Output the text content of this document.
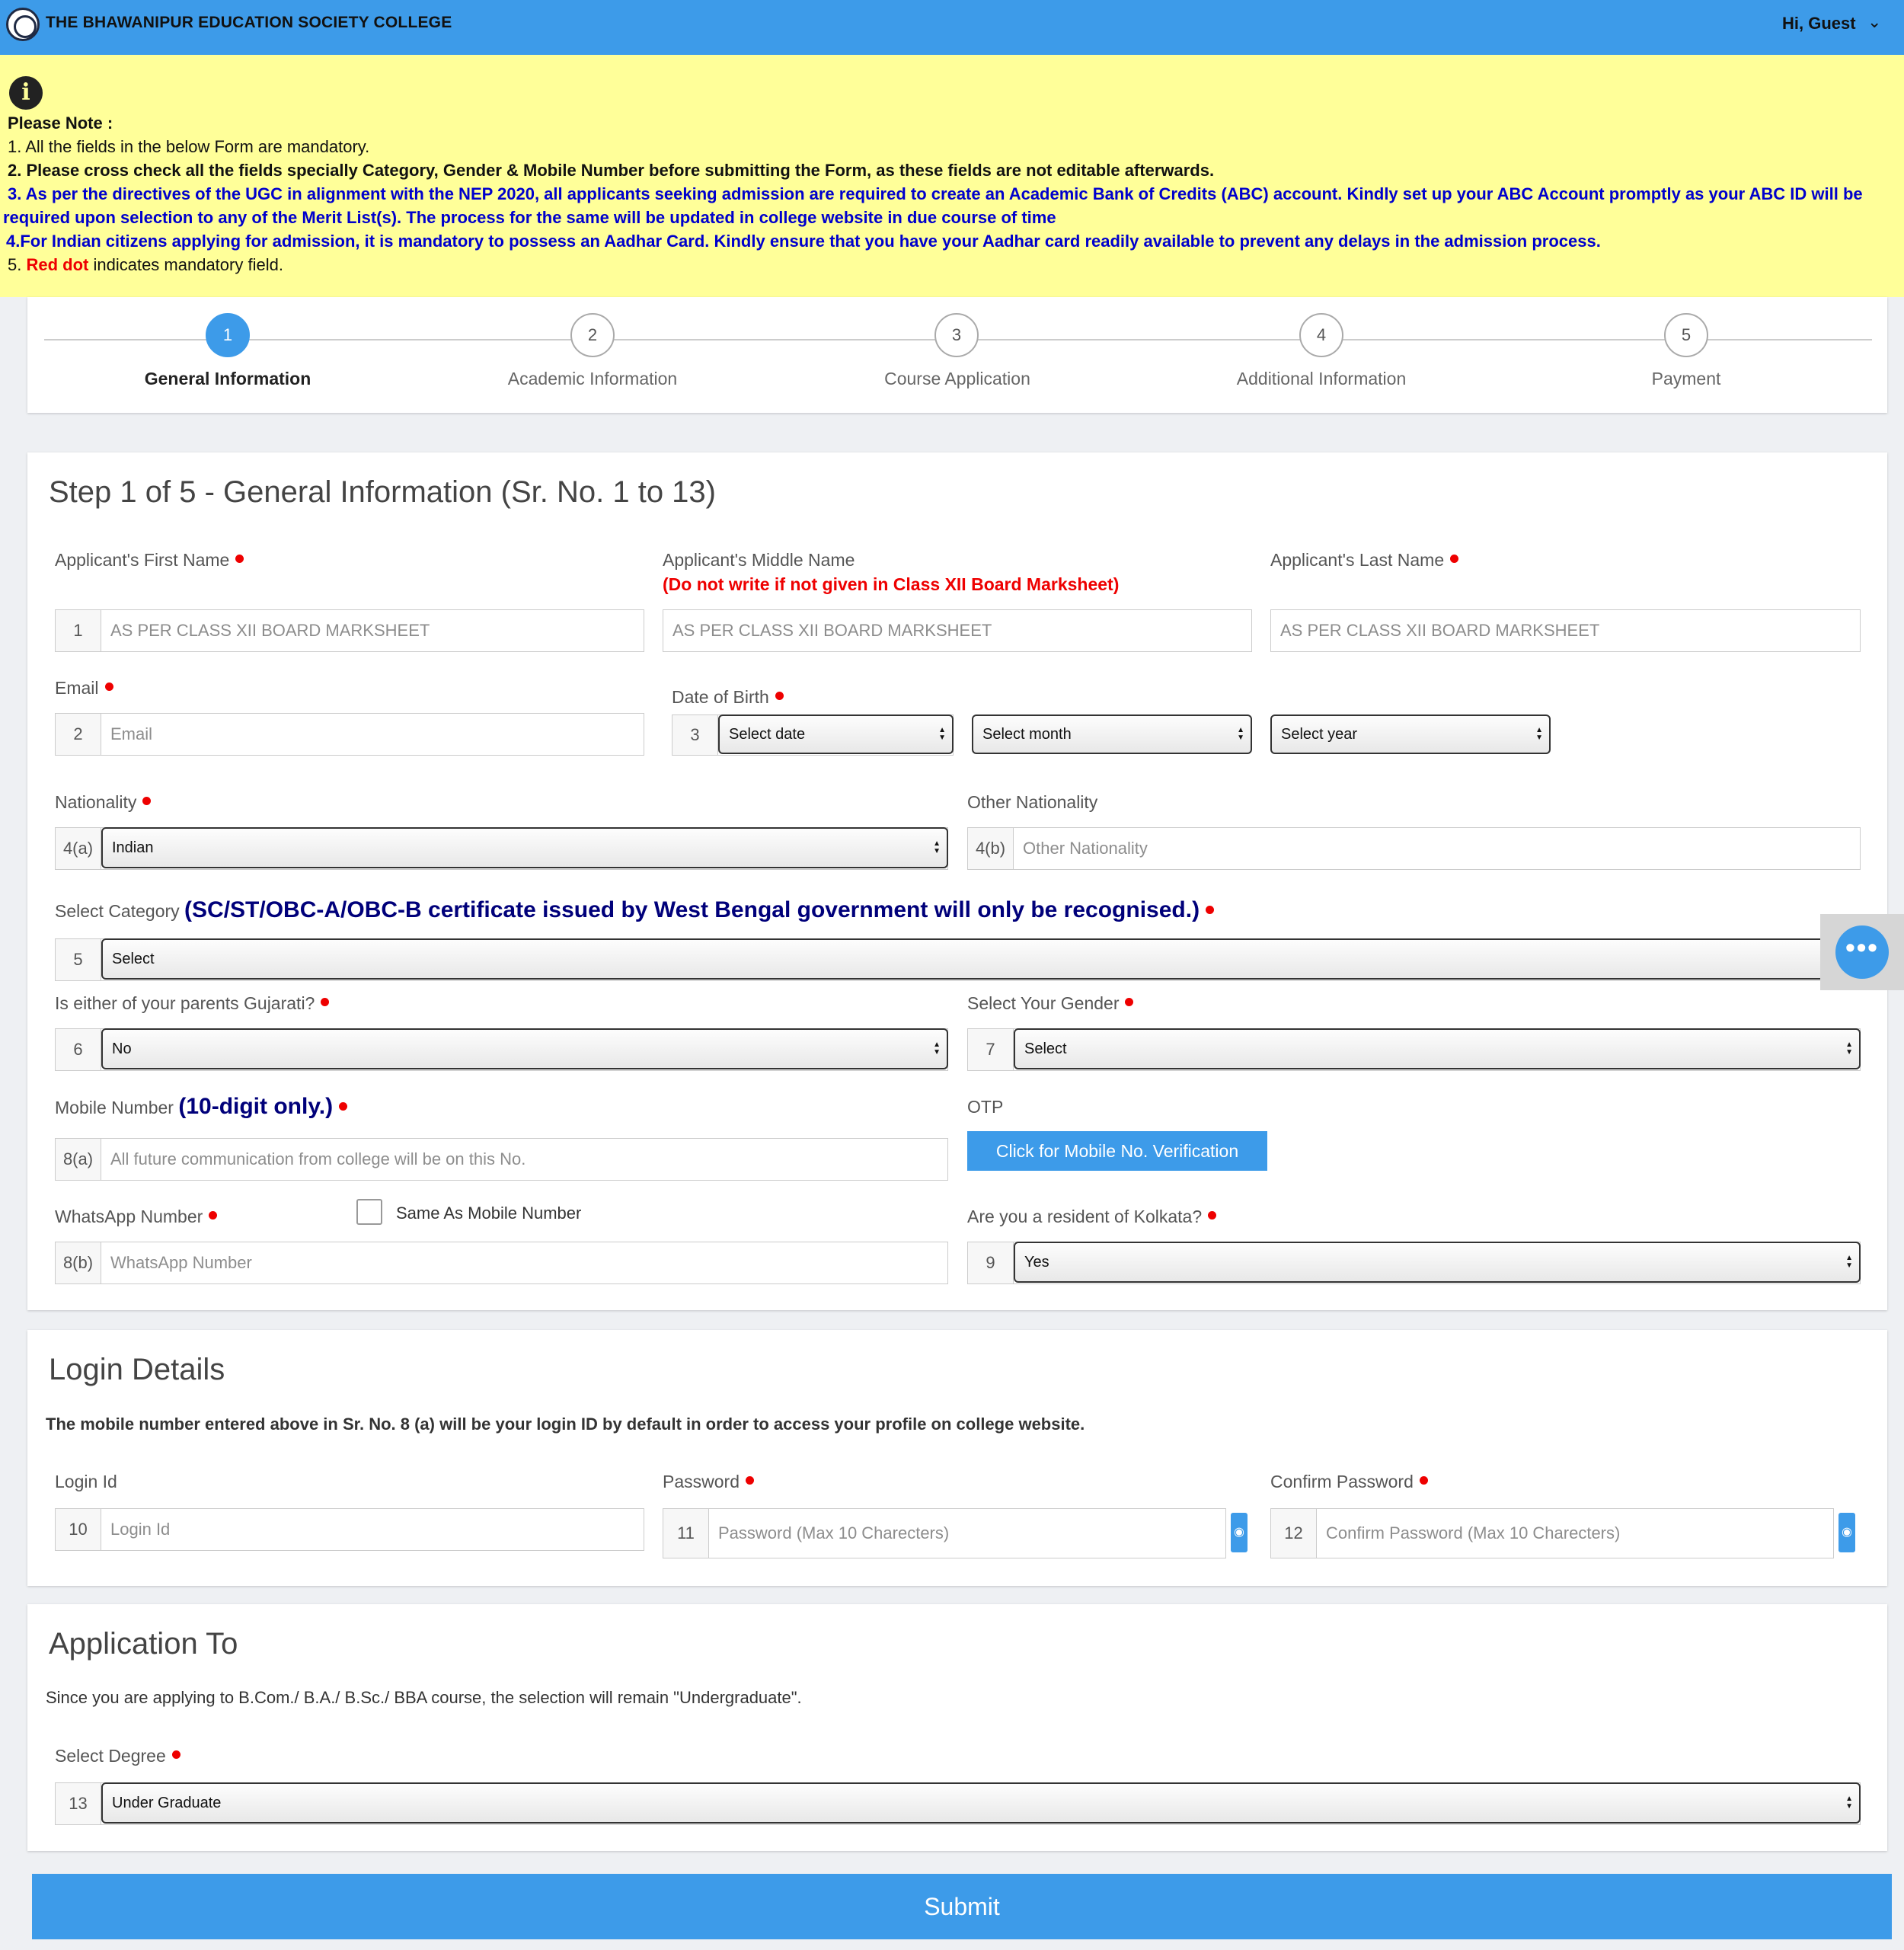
THE BHAWANIPUR EDUCATION SOCIETY COLLEGE	Hi, Guest ⌄
i
Please Note :
1. All the fields in the below Form are mandatory.
2. Please cross check all the fields specially Category, Gender & Mobile Number before submitting the Form, as these fields are not editable afterwards.
3. As per the directives of the UGC in alignment with the NEP 2020, all applicants seeking admission are required to create an Academic Bank of Credits (ABC) account. Kindly set up your ABC Account promptly as your ABC ID will be
required upon selection to any of the Merit List(s). The process for the same will be updated in college website in due course of time
4.For Indian citizens applying for admission, it is mandatory to possess an Aadhar Card. Kindly ensure that you have your Aadhar card readily available to prevent any delays in the admission process.
5. Red dot indicates mandatory field.
1
General Information
2
Academic Information
3
Course Application
4
Additional Information
5
Payment
Step 1 of 5 - General Information (Sr. No. 1 to 13)
Applicant's First Name
1
AS PER CLASS XII BOARD MARKSHEET
Applicant's Middle Name
(Do not write if not given in Class XII Board Marksheet)
AS PER CLASS XII BOARD MARKSHEET
Applicant's Last Name
AS PER CLASS XII BOARD MARKSHEET
Email
2
Email
Date of Birth
3	Select date ▲ ▼	Select month ▲ ▼	Select year ▲ ▼
Nationality
4(a)	Indian ▲ ▼
Other Nationality
4(b)
Other Nationality
Select Category (SC/ST/OBC-A/OBC-B certificate issued by West Bengal government will only be recognised.)
5	Select ▲ ▼
Is either of your parents Gujarati?
6	No ▲ ▼
Select Your Gender
7	Select ▲ ▼
Mobile Number (10-digit only.)
8(a)
All future communication from college will be on this No.
OTP
Click for Mobile No. Verification
WhatsApp Number	Same As Mobile Number
8(b)
WhatsApp Number
Are you a resident of Kolkata?
9	Yes ▲ ▼
•••
Login Details
The mobile number entered above in Sr. No. 8 (a) will be your login ID by default in order to access your profile on college website.
Login Id
10
Login Id
Password
11	◉
Confirm Password
12	◉
Application To
Since you are applying to B.Com./ B.A./ B.Sc./ BBA course, the selection will remain "Undergraduate".
Select Degree
13	Under Graduate ▲ ▼
Submit
